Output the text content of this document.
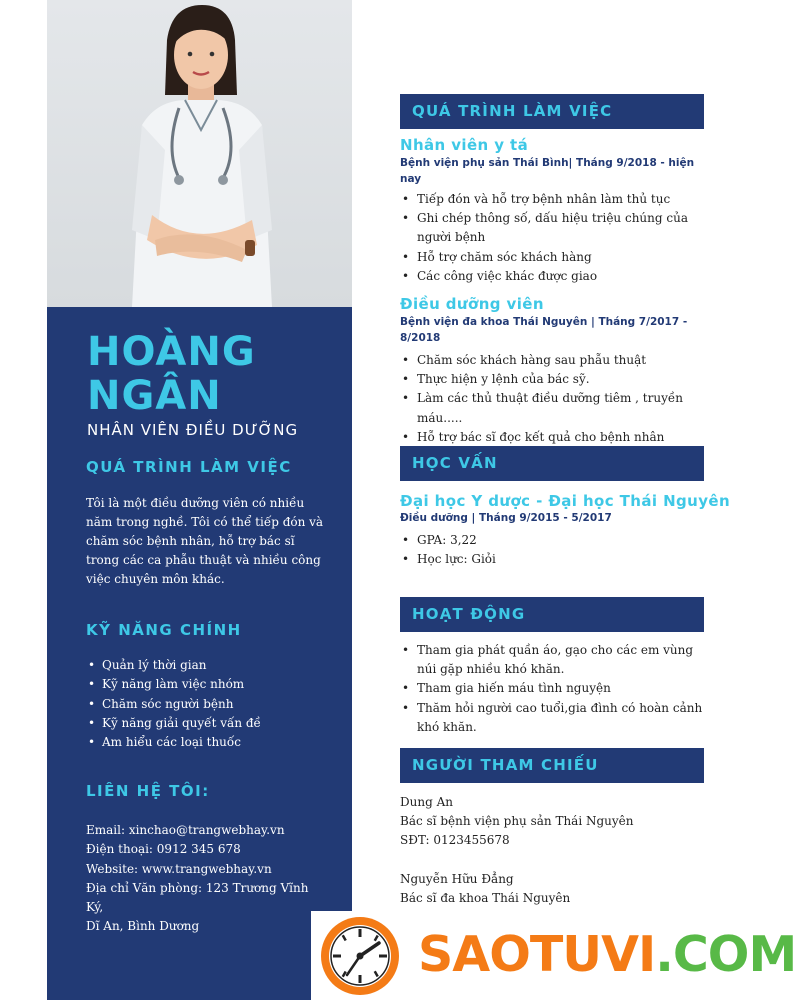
HOÀNG
NGÂN
NHÂN VIÊN ĐIỀU DƯỠNG
QUÁ TRÌNH LÀM VIỆC
Tôi là một điều dưỡng viên có nhiều năm trong nghề. Tôi có thể tiếp đón và chăm sóc bệnh nhân, hỗ trợ bác sĩ trong các ca phẫu thuật và nhiều công việc chuyên môn khác.
KỸ NĂNG CHÍNH
• Quản lý thời gian
• Kỹ năng làm việc nhóm
• Chăm sóc người bệnh
• Kỹ năng giải quyết vấn đề
• Am hiểu các loại thuốc
LIÊN HỆ TÔI:
Email: xinchao@trangwebhay.vn
Điện thoại: 0912 345 678
Website: www.trangwebhay.vn
Địa chỉ Văn phòng: 123 Trương Vĩnh Ký,
Dĩ An, Bình Dương
QUÁ TRÌNH LÀM VIỆC
Nhân viên y tá
Bệnh viện phụ sản Thái Bình| Tháng 9/2018 - hiện nay
• Tiếp đón và hỗ trợ bệnh nhân làm thủ tục
• Ghi chép thông số, dấu hiệu triệu chúng của người bệnh
• Hỗ trợ chăm sóc khách hàng
• Các công việc khác được giao
Điều dưỡng viên
Bệnh viện đa khoa Thái Nguyên | Tháng 7/2017 - 8/2018
• Chăm sóc khách hàng sau phẫu thuật
• Thực hiện y lệnh của bác sỹ.
• Làm các thủ thuật điều dưỡng tiêm , truyền máu.....
• Hỗ trợ bác sĩ đọc kết quả cho bệnh nhân
HỌC VẤN
Đại học Y dược - Đại học Thái Nguyên
Điều dưỡng | Tháng 9/2015 - 5/2017
• GPA: 3,22
• Học lực: Giỏi
HOẠT ĐỘNG
• Tham gia phát quần áo, gạo cho các em vùng núi gặp nhiều khó khăn.
• Tham gia hiến máu tình nguyện
• Thăm hỏi người cao tuổi,gia đình có hoàn cảnh khó khăn.
NGƯỜI THAM CHIẾU
Dung An
Bác sĩ bệnh viện phụ sản Thái Nguyên
SĐT: 0123455678
Nguyễn Hữu Đẳng
Bác sĩ đa khoa Thái Nguyên
SAOTUVI.COM
